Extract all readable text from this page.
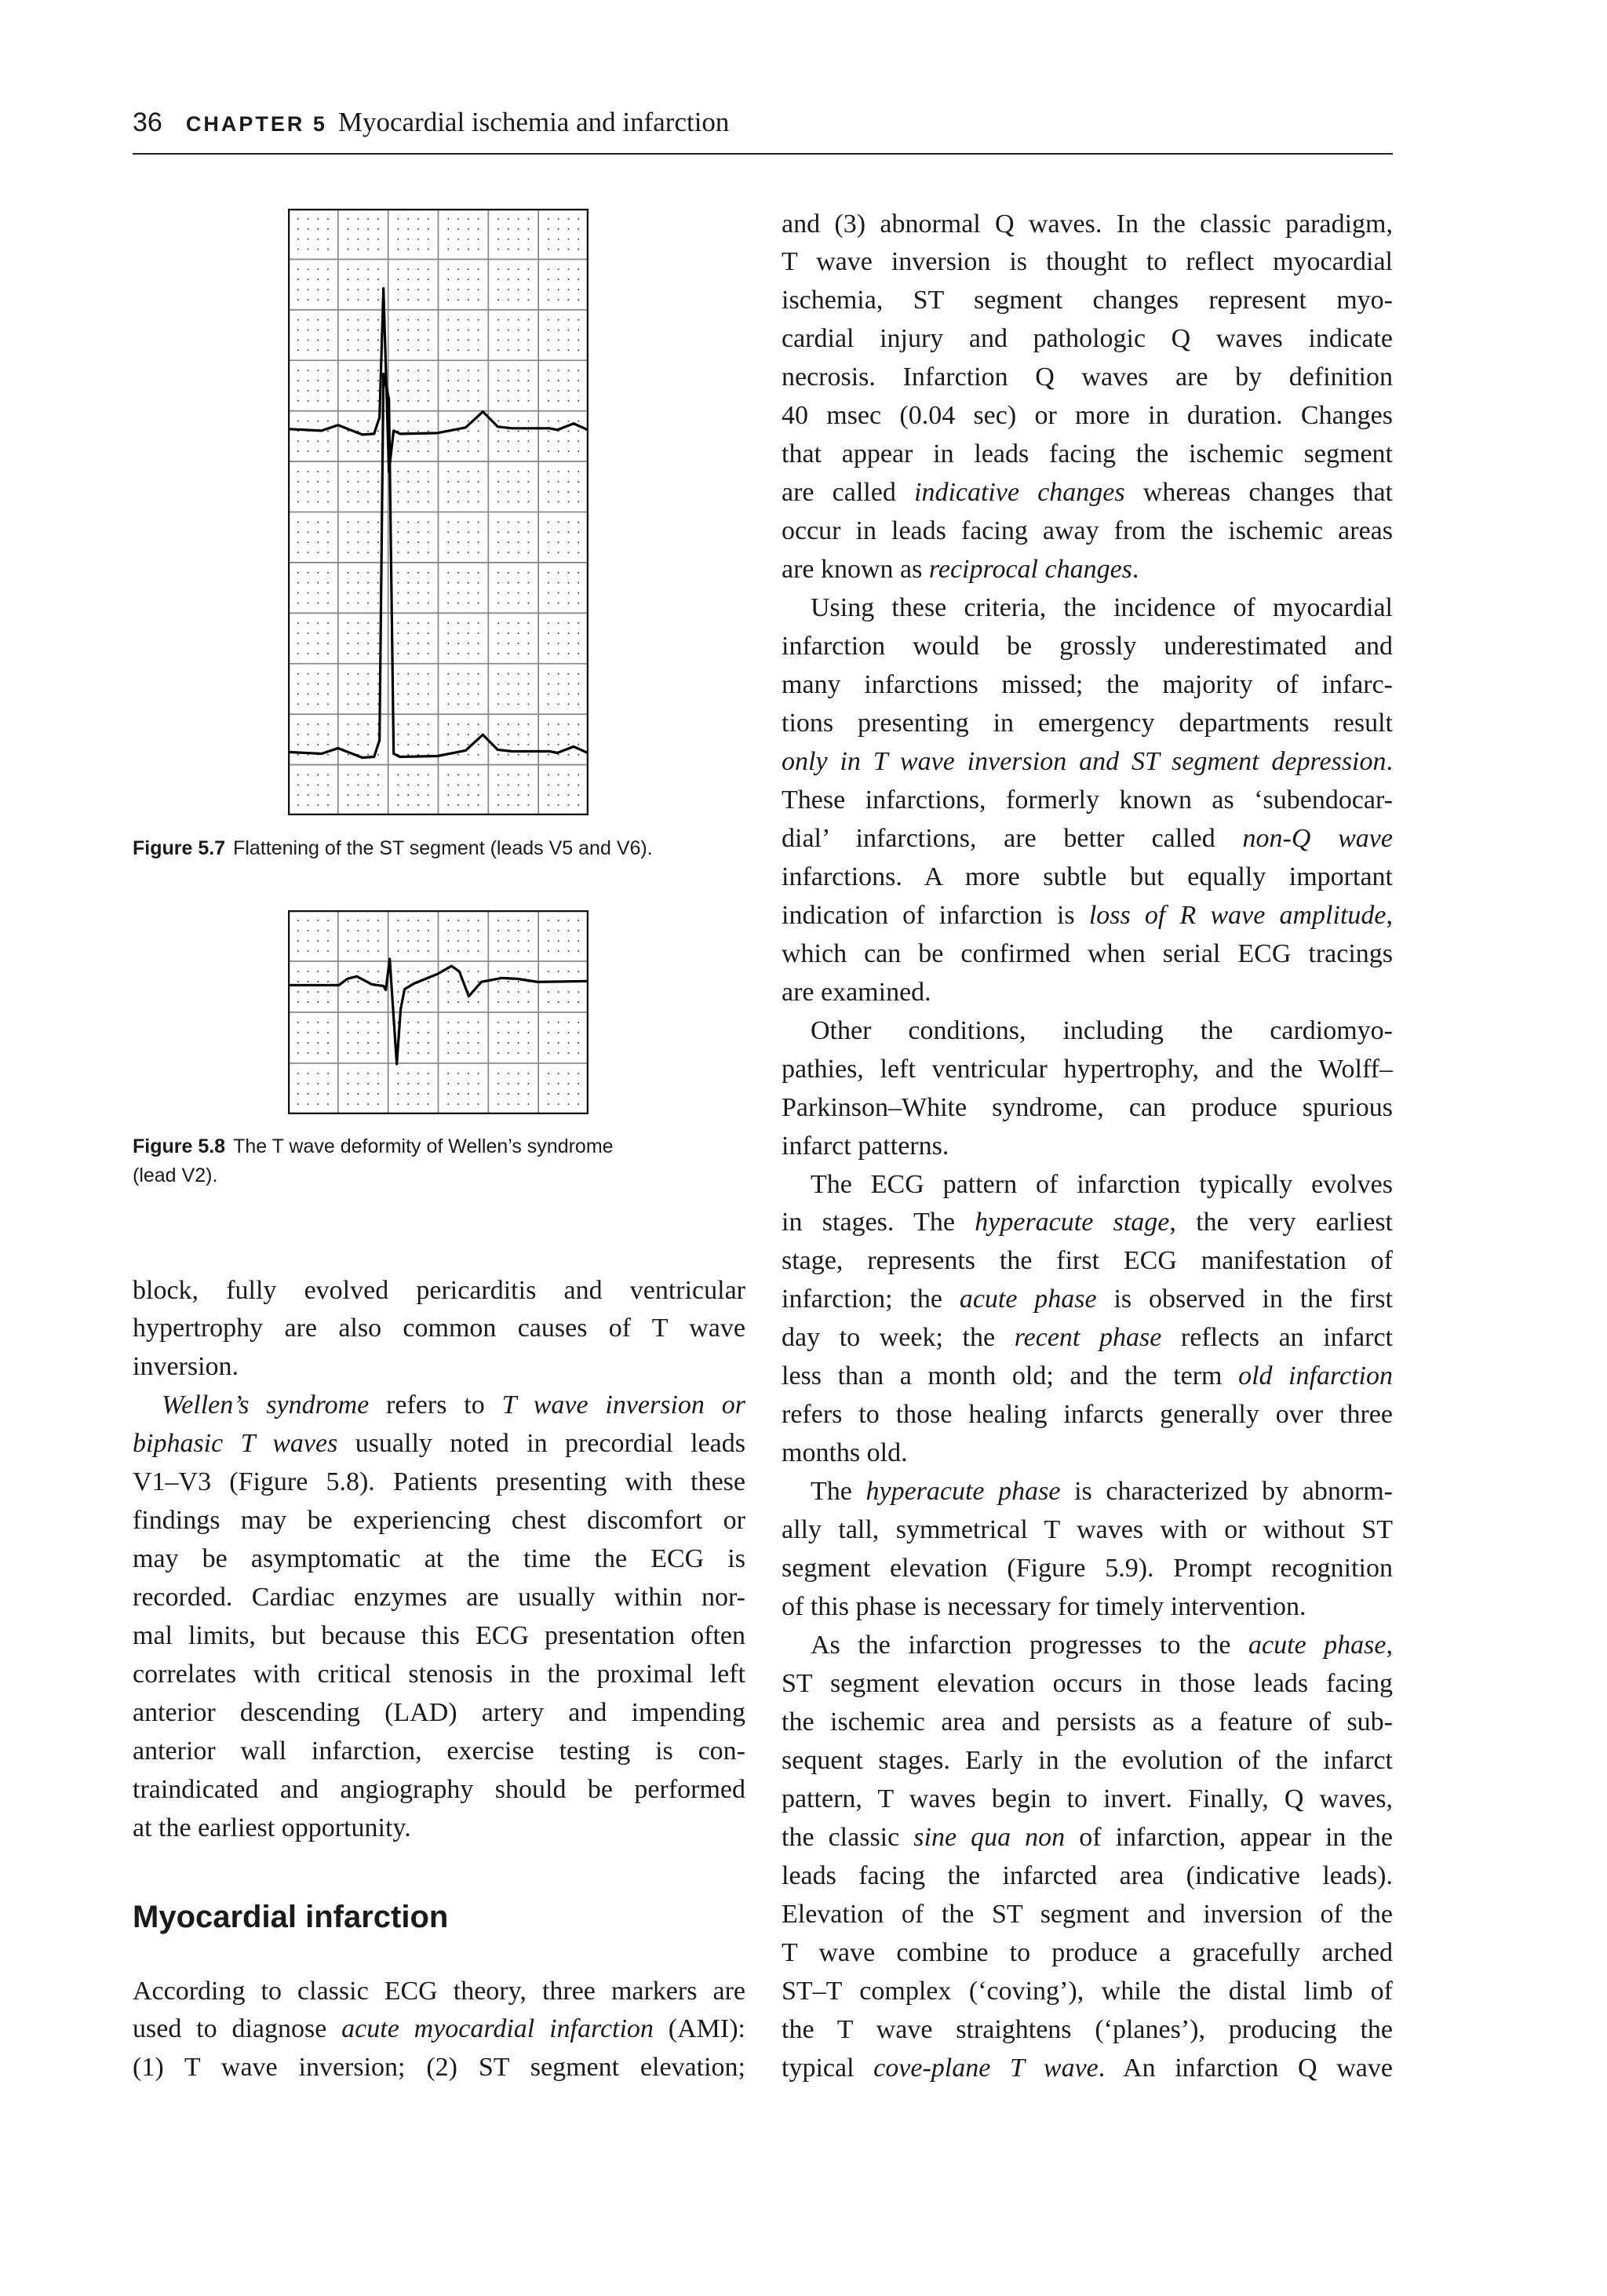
36 CHAPTER 5 Myocardial ischemia and infarction
Figure 5.7 Flattening of the ST segment (leads V5 and V6).
Figure 5.8 The T wave deformity of Wellen’s syndrome
(lead V2).
block, fully evolved pericarditis and ventricular
hypertrophy are also common causes of T wave
inversion.
Wellen’s syndrome refers to T wave inversion or
biphasic T waves usually noted in precordial leads
V1–V3 (Figure 5.8). Patients presenting with these
findings may be experiencing chest discomfort or
may be asymptomatic at the time the ECG is
recorded. Cardiac enzymes are usually within nor-
mal limits, but because this ECG presentation often
correlates with critical stenosis in the proximal left
anterior descending (LAD) artery and impending
anterior wall infarction, exercise testing is con-
traindicated and angiography should be performed
at the earliest opportunity.
According to classic ECG theory, three markers are
used to diagnose acute myocardial infarction (AMI):
(1) T wave inversion; (2) ST segment elevation;
Myocardial infarction
and (3) abnormal Q waves. In the classic paradigm,
T wave inversion is thought to reflect myocardial
ischemia, ST segment changes represent myo-
cardial injury and pathologic Q waves indicate
necrosis. Infarction Q waves are by definition
40 msec (0.04 sec) or more in duration. Changes
that appear in leads facing the ischemic segment
are called indicative changes whereas changes that
occur in leads facing away from the ischemic areas
are known as reciprocal changes.
Using these criteria, the incidence of myocardial
infarction would be grossly underestimated and
many infarctions missed; the majority of infarc-
tions presenting in emergency departments result
only in T wave inversion and ST segment depression.
These infarctions, formerly known as ‘subendocar-
dial’ infarctions, are better called non-Q wave
infarctions. A more subtle but equally important
indication of infarction is loss of R wave amplitude,
which can be confirmed when serial ECG tracings
are examined.
Other conditions, including the cardiomyo-
pathies, left ventricular hypertrophy, and the Wolff–
Parkinson–White syndrome, can produce spurious
infarct patterns.
The ECG pattern of infarction typically evolves
in stages. The hyperacute stage, the very earliest
stage, represents the first ECG manifestation of
infarction; the acute phase is observed in the first
day to week; the recent phase reflects an infarct
less than a month old; and the term old infarction
refers to those healing infarcts generally over three
months old.
The hyperacute phase is characterized by abnorm-
ally tall, symmetrical T waves with or without ST
segment elevation (Figure 5.9). Prompt recognition
of this phase is necessary for timely intervention.
As the infarction progresses to the acute phase,
ST segment elevation occurs in those leads facing
the ischemic area and persists as a feature of sub-
sequent stages. Early in the evolution of the infarct
pattern, T waves begin to invert. Finally, Q waves,
the classic sine qua non of infarction, appear in the
leads facing the infarcted area (indicative leads).
Elevation of the ST segment and inversion of the
T wave combine to produce a gracefully arched
ST–T complex (‘coving’), while the distal limb of
the T wave straightens (‘planes’), producing the
typical cove-plane T wave. An infarction Q wave
